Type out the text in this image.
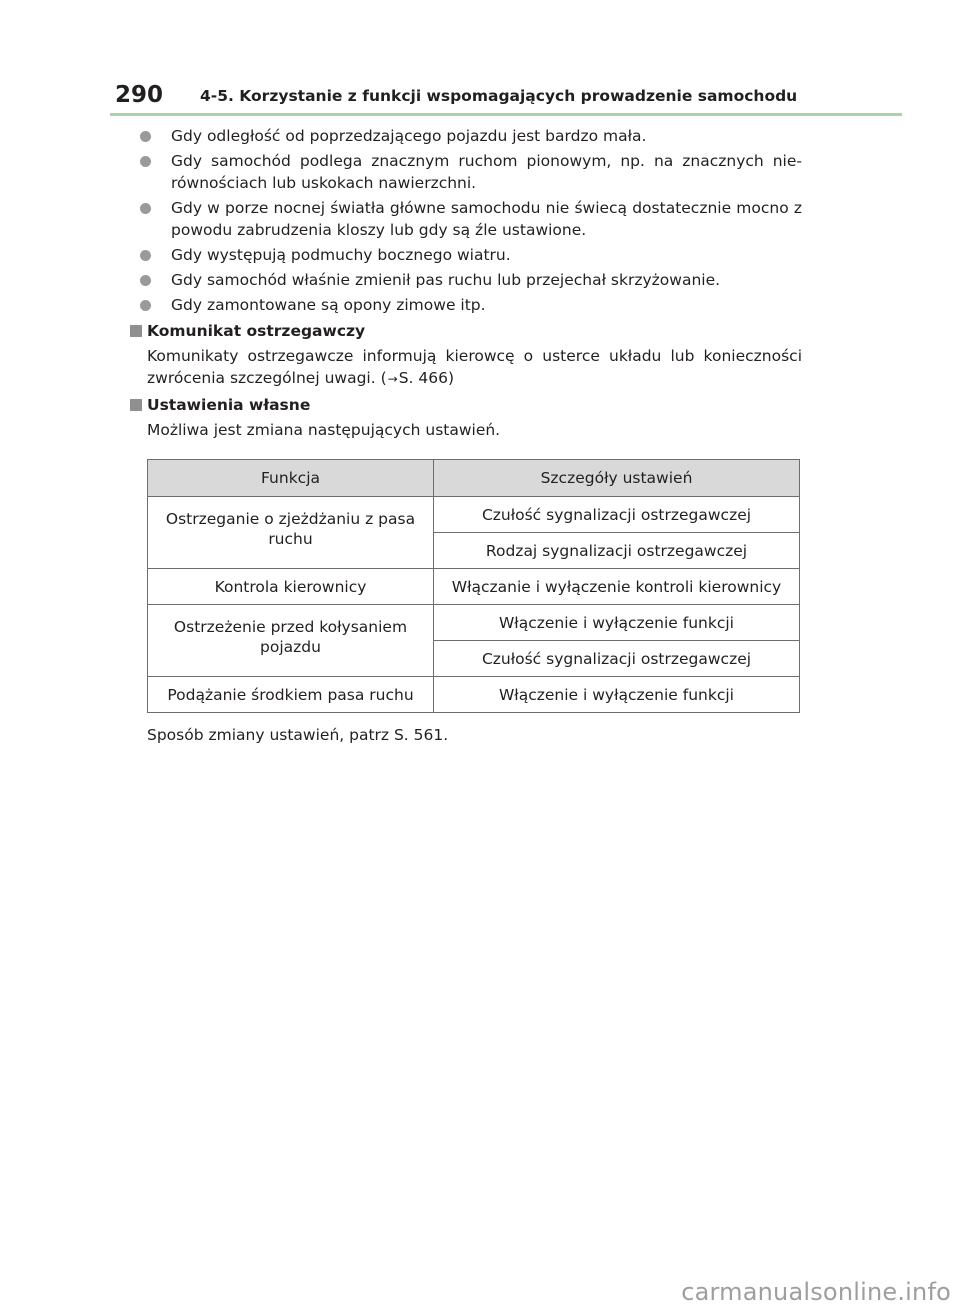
290 4-5. Korzystanie z funkcji wspomagających prowadzenie samochodu
Gdy odległość od poprzedzającego pojazdu jest bardzo mała.
Gdy samochód podlega znacznym ruchom pionowym, np. na znacznych nie-równościach lub uskokach nawierzchni.
Gdy w porze nocnej światła główne samochodu nie świecą dostatecznie mocno z powodu zabrudzenia kloszy lub gdy są źle ustawione.
Gdy występują podmuchy bocznego wiatru.
Gdy samochód właśnie zmienił pas ruchu lub przejechał skrzyżowanie.
Gdy zamontowane są opony zimowe itp.
Komunikat ostrzegawczy
Komunikaty ostrzegawcze informują kierowcę o usterce układu lub konieczności zwrócenia szczególnej uwagi. (→S. 466)
Ustawienia własne
Możliwa jest zmiana następujących ustawień.
Funkcja	Szczegóły ustawień
Ostrzeganie o zjeżdżaniu z pasa ruchu	Czułość sygnalizacji ostrzegawczej
	Rodzaj sygnalizacji ostrzegawczej
Kontrola kierownicy	Włączanie i wyłączenie kontroli kierownicy
Ostrzeżenie przed kołysaniem pojazdu	Włączenie i wyłączenie funkcji
	Czułość sygnalizacji ostrzegawczej
Podążanie środkiem pasa ruchu	Włączenie i wyłączenie funkcji
Sposób zmiany ustawień, patrz S. 561.
carmanualsonline.info
